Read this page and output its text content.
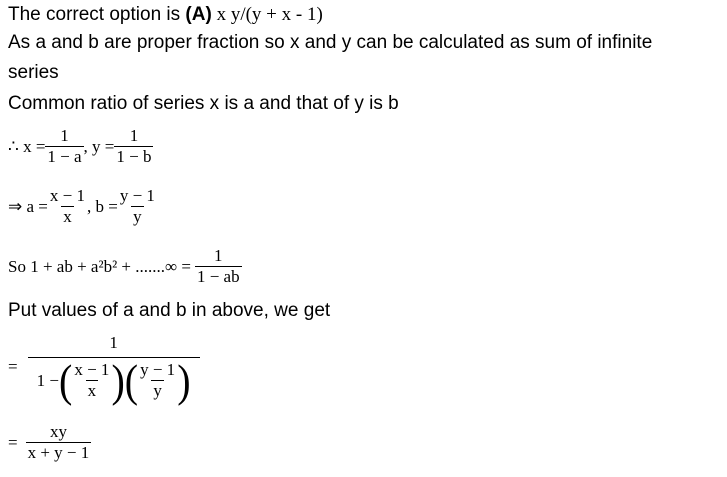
The correct option is (A) x y/(y + x - 1)
As a and b are proper fraction so x and y can be calculated as sum of infinite
series
Common ratio of series x is a and that of y is b
∴ $x = \frac{1}{1 - a}$ , $y = \frac{1}{1 - b}$
⇒ $a = \frac{x - 1}{x}$ , $b = \frac{y - 1}{y}$
So 1 + ab + a²b² + .......∞ = $\frac{1}{1 - ab}$
Put values of a and b in above, we get
=
1
1 − ( $\frac{x - 1}{x}$ ) ( $\frac{y - 1}{y}$ )
= $\frac{xy}{x + y - 1}$
